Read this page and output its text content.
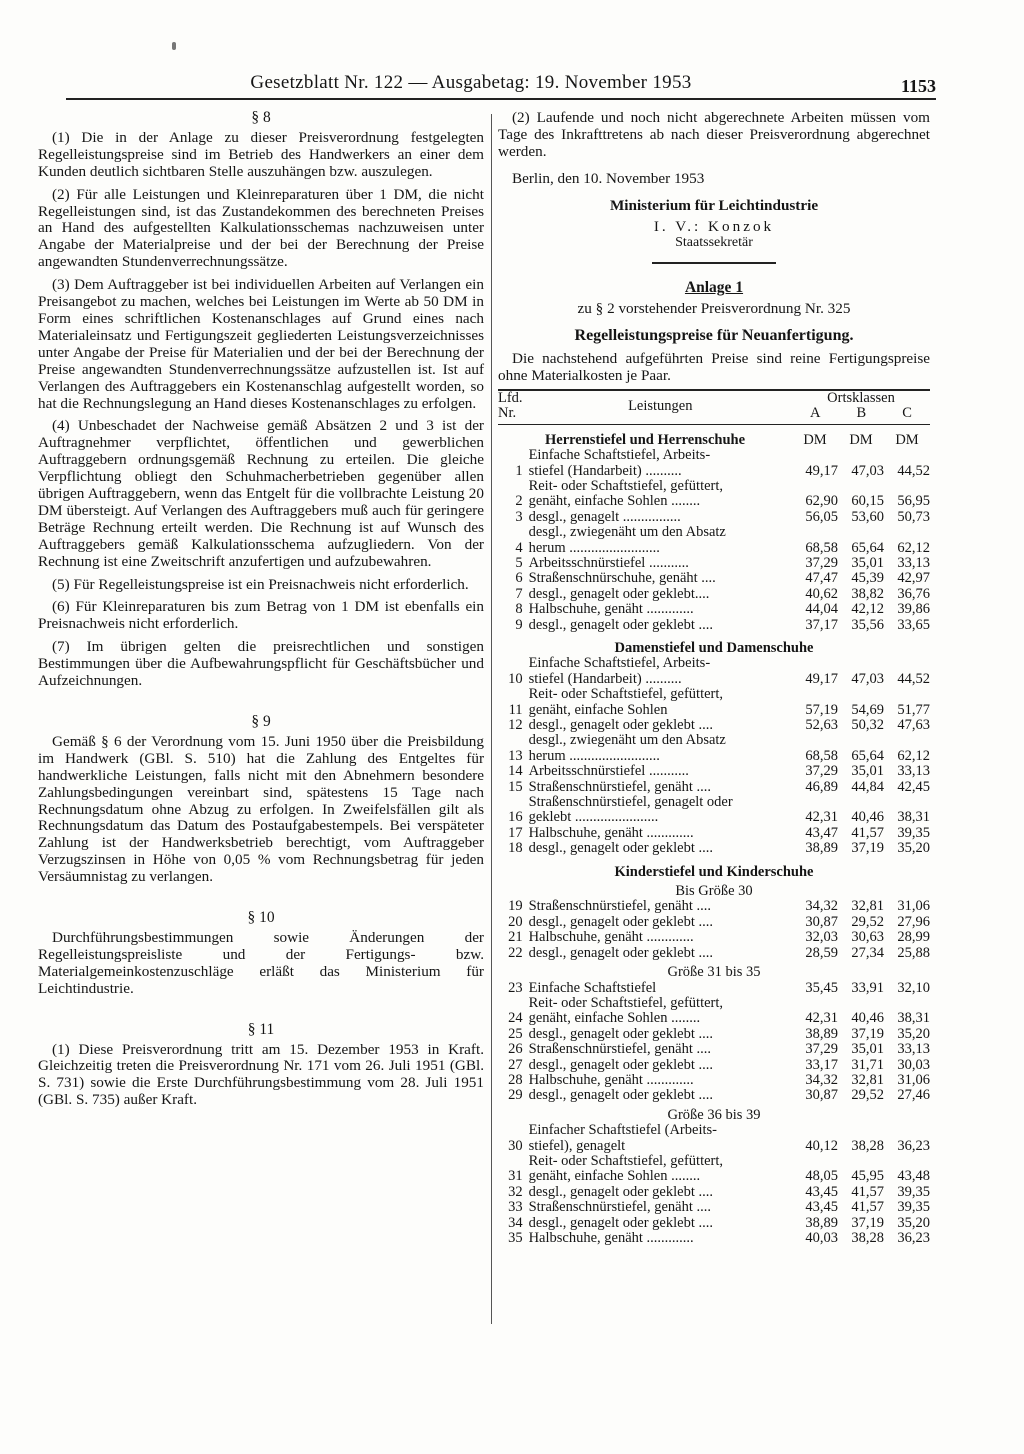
Gesetzblatt Nr. 122 — Ausgabetag: 19. November 1953	1153
§ 8

(1) Die in der Anlage zu dieser Preisverordnung festgelegten Regelleistungspreise sind im Betrieb des Handwerkers an einer dem Kunden deutlich sichtbaren Stelle auszuhängen bzw. auszulegen.

(2) Für alle Leistungen und Kleinreparaturen über 1 DM, die nicht Regelleistungen sind, ist das Zustandekommen des berechneten Preises an Hand des aufgestellten Kalkulationsschemas nachzuweisen unter Angabe der Materialpreise und der bei der Berechnung der Preise angewandten Stundenverrechnungssätze.

(3) Dem Auftraggeber ist bei individuellen Arbeiten auf Verlangen ein Preisangebot zu machen, welches bei Leistungen im Werte ab 50 DM in Form eines schriftlichen Kostenanschlages auf Grund eines nach Materialeinsatz und Fertigungszeit gegliederten Leistungsverzeichnisses unter Angabe der Preise für Materialien und der bei der Berechnung der Preise angewandten Stundenverrechnungssätze aufzustellen ist. Ist auf Verlangen des Auftraggebers ein Kostenanschlag aufgestellt worden, so hat die Rechnungslegung an Hand dieses Kostenanschlages zu erfolgen.

(4) Unbeschadet der Nachweise gemäß Absätzen 2 und 3 ist der Auftragnehmer verpflichtet, öffentlichen und gewerblichen Auftraggebern ordnungsgemäß Rechnung zu erteilen. Die gleiche Verpflichtung obliegt den Schuhmacherbetrieben gegenüber allen übrigen Auftraggebern, wenn das Entgelt für die vollbrachte Leistung 20 DM übersteigt. Auf Verlangen des Auftraggebers muß auch für geringere Beträge Rechnung erteilt werden. Die Rechnung ist auf Wunsch des Auftraggebers gemäß Kalkulationsschema aufzugliedern. Von der Rechnung ist eine Zweitschrift anzufertigen und aufzubewahren.

(5) Für Regelleistungspreise ist ein Preisnachweis nicht erforderlich.

(6) Für Kleinreparaturen bis zum Betrag von 1 DM ist ebenfalls ein Preisnachweis nicht erforderlich.

(7) Im übrigen gelten die preisrechtlichen und sonstigen Bestimmungen über die Aufbewahrungspflicht für Geschäftsbücher und Aufzeichnungen.

§ 9

Gemäß § 6 der Verordnung vom 15. Juni 1950 über die Preisbildung im Handwerk (GBl. S. 510) hat die Zahlung des Entgeltes für handwerkliche Leistungen, falls nicht mit den Abnehmern besondere Zahlungsbedingungen vereinbart sind, spätestens 15 Tage nach Rechnungsdatum ohne Abzug zu erfolgen. In Zweifelsfällen gilt als Rechnungsdatum das Datum des Postaufgabestempels. Bei verspäteter Zahlung ist der Handwerksbetrieb berechtigt, vom Auftraggeber Verzugszinsen in Höhe von 0,05 % vom Rechnungsbetrag für jeden Versäumnistag zu verlangen.

§ 10

Durchführungsbestimmungen sowie Änderungen der Regelleistungspreisliste und der Fertigungs- bzw. Materialgemeinkostenzuschläge erläßt das Ministerium für Leichtindustrie.

§ 11

(1) Diese Preisverordnung tritt am 15. Dezember 1953 in Kraft. Gleichzeitig treten die Preisverordnung Nr. 171 vom 26. Juli 1951 (GBl. S. 731) sowie die Erste Durchführungsbestimmung vom 28. Juli 1951 (GBl. S. 735) außer Kraft.

(2) Laufende und noch nicht abgerechnete Arbeiten müssen vom Tage des Inkrafttretens ab nach dieser Preisverordnung abgerechnet werden.

Berlin, den 10. November 1953

Ministerium für Leichtindustrie
I. V.: Konzok
Staatssekretär
Anlage 1
zu § 2 vorstehender Preisverordnung Nr. 325
Regelleistungspreise für Neuanfertigung.

Die nachstehend aufgeführten Preise sind reine Fertigungspreise ohne Materialkosten je Paar.

Lfd. Nr.	Leistungen	Ortsklassen
A B C		

Herrenstiefel und Herrenschuhe		DM	DM	DM
1	Einfache Schaftstiefel, Arbeits-
stiefel (Handarbeit) ..........	49,17	47,03	44,52
2	Reit- oder Schaftstiefel, gefüttert,
genäht, einfache Sohlen ........	62,90	60,15	56,95
3	desgl., genagelt ................	56,05	53,60	50,73
4	desgl., zwiegenäht um den Absatz
herum .........................	68,58	65,64	62,12
5	Arbeitsschnürstiefel ...........	37,29	35,01	33,13
6	Straßenschnürschuhe, genäht ....	47,47	45,39	42,97
7	desgl., genagelt oder geklebt....	40,62	38,82	36,76
8	Halbschuhe, genäht .............	44,04	42,12	39,86
9	desgl., genagelt oder geklebt ....	37,17	35,56	33,65
Damenstiefel und Damenschuhe				
10	Einfache Schaftstiefel, Arbeits-
stiefel (Handarbeit) ..........	49,17	47,03	44,52
11	Reit- oder Schaftstiefel, gefüttert,
genäht, einfache Sohlen	57,19	54,69	51,77
12	desgl., genagelt oder geklebt ....	52,63	50,32	47,63
13	desgl., zwiegenäht um den Absatz
herum .........................	68,58	65,64	62,12
14	Arbeitsschnürstiefel ...........	37,29	35,01	33,13
15	Straßenschnürstiefel, genäht ....	46,89	44,84	42,45
16	Straßenschnürstiefel, genagelt oder
geklebt .......................	42,31	40,46	38,31
17	Halbschuhe, genäht .............	43,47	41,57	39,35
18	desgl., genagelt oder geklebt ....	38,89	37,19	35,20
Kinderstiefel und Kinderschuhe				
Bis Größe 30				
19	Straßenschnürstiefel, genäht ....	34,32	32,81	31,06
20	desgl., genagelt oder geklebt ....	30,87	29,52	27,96
21	Halbschuhe, genäht .............	32,03	30,63	28,99
22	desgl., genagelt oder geklebt ....	28,59	27,34	25,88
Größe 31 bis 35				
23	Einfache Schaftstiefel	35,45	33,91	32,10
24	Reit- oder Schaftstiefel, gefüttert,
genäht, einfache Sohlen ........	42,31	40,46	38,31
25	desgl., genagelt oder geklebt ....	38,89	37,19	35,20
26	Straßenschnürstiefel, genäht ....	37,29	35,01	33,13
27	desgl., genagelt oder geklebt ....	33,17	31,71	30,03
28	Halbschuhe, genäht .............	34,32	32,81	31,06
29	desgl., genagelt oder geklebt ....	30,87	29,52	27,46
Größe 36 bis 39				
30	Einfacher Schaftstiefel (Arbeits-
stiefel), genagelt	40,12	38,28	36,23
31	Reit- oder Schaftstiefel, gefüttert,
genäht, einfache Sohlen ........	48,05	45,95	43,48
32	desgl., genagelt oder geklebt ....	43,45	41,57	39,35
33	Straßenschnürstiefel, genäht ....	43,45	41,57	39,35
34	desgl., genagelt oder geklebt ....	38,89	37,19	35,20
35	Halbschuhe, genäht .............	40,03	38,28	36,23
